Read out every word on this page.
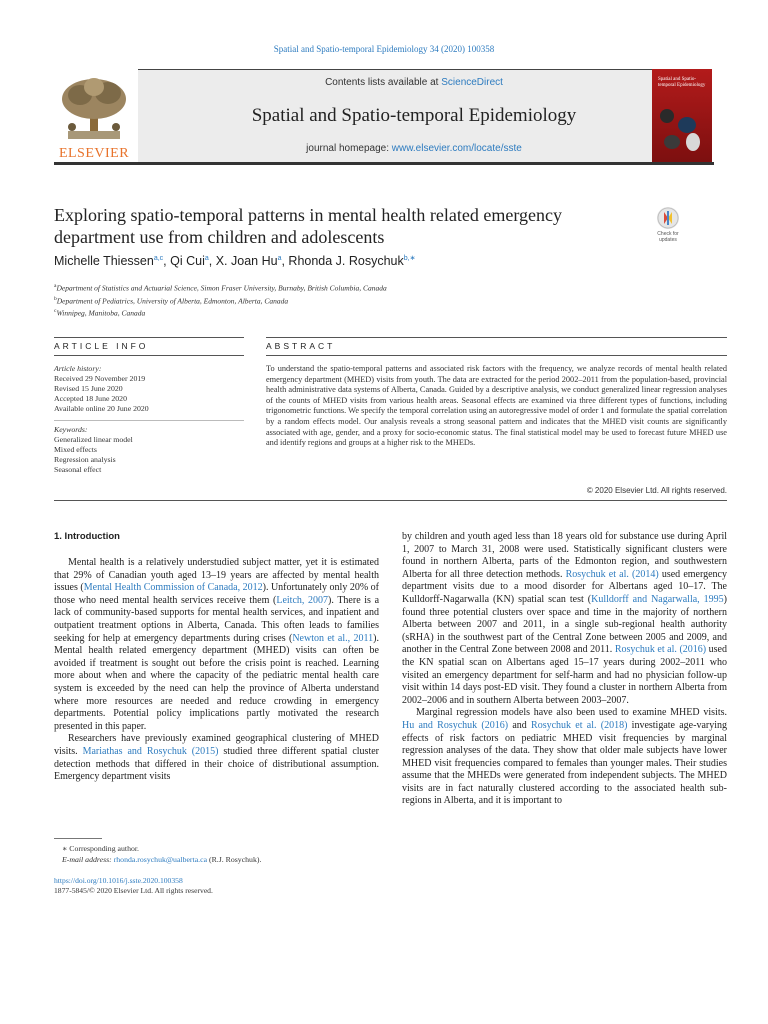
Spatial and Spatio-temporal Epidemiology 34 (2020) 100358
ELSEVIER
Contents lists available at ScienceDirect
Spatial and Spatio-temporal Epidemiology
journal homepage: www.elsevier.com/locate/sste
Spatial and Spatio-temporal Epidemiology
Exploring spatio-temporal patterns in mental health related emergency department use from children and adolescents	Check for updates
Michelle Thiessen$^{a,c}$, Qi Cui$^a$, X. Joan Hu$^a$, Rhonda J. Rosychuk$^{b,∗}$
$^a$Department of Statistics and Actuarial Science, Simon Fraser University, Burnaby, British Columbia, Canada
$^b$Department of Pediatrics, University of Alberta, Edmonton, Alberta, Canada
$^c$Winnipeg, Manitoba, Canada
ARTICLE INFO
Article history:
Received 29 November 2019
Revised 15 June 2020
Accepted 18 June 2020
Available online 20 June 2020
Keywords:
Generalized linear model
Mixed effects
Regression analysis
Seasonal effect
ABSTRACT
To understand the spatio-temporal patterns and associated risk factors with the frequency, we analyze records of mental health related emergency department (MHED) visits from youth. The data are extracted for the period 2002–2011 from the population-based, provincial health administrative data systems of Alberta, Canada. Guided by a descriptive analysis, we conduct generalized linear regression analyses of the counts of MHED visits from various health areas. Seasonal effects are examined via three different types of functions, including trigonometric functions. We specify the temporal correlation using an autoregressive model of order 1 and formulate the spatial correlation by a random effects model. Our analysis reveals a strong seasonal pattern and indicates that the MHED visit counts are significantly associated with age, gender, and a proxy for socio-economic status. The final statistical model may be used to forecast future MHED use and identify regions and groups at a higher risk to the MHEDs.
© 2020 Elsevier Ltd. All rights reserved.
1. Introduction

Mental health is a relatively understudied subject matter, yet it is estimated that 29% of Canadian youth aged 13–19 years are affected by mental health issues (Mental Health Commission of Canada, 2012). Unfortunately only 20% of those who need mental health services receive them (Leitch, 2007). There is a lack of community-based supports for mental health services, and inpatient and outpatient treatment options in Alberta, Canada. This often leads to families seeking for help at emergency departments during crises (Newton et al., 2011). Mental health related emergency department (MHED) visits can often be avoided if treatment is sought out before the crisis point is reached. Learning more about when and where the capacity of the pediatric mental health care system is exceeded by the need can help the province of Alberta understand where more resources are needed and reduce crowding in emergency departments. Potential policy implications partly motivated the research presented in this paper.

Researchers have previously examined geographical clustering of MHED visits. Mariathas and Rosychuk (2015) studied three different spatial cluster detection methods that differed in their choice of distributional assumption. Emergency department visits

by children and youth aged less than 18 years old for substance use during April 1, 2007 to March 31, 2008 were used. Statistically significant clusters were found in northern Alberta, parts of the Edmonton region, and southwestern Alberta for all three detection methods. Rosychuk et al. (2014) used emergency department visits due to a mood disorder for Albertans aged 10–17. The Kulldorff-Nagarwalla (KN) spatial scan test (Kulldorff and Nagarwalla, 1995) found three potential clusters over space and time in the majority of northern Alberta between 2007 and 2011, in a single sub-regional health authority (sRHA) in the southwest part of the Central Zone between 2005 and 2009, and another in the Central Zone between 2008 and 2011. Rosychuk et al. (2016) used the KN spatial scan on Albertans aged 15–17 years during 2002–2011 who visited an emergency department for self-harm and had no physician follow-up visit within 14 days post-ED visit. They found a cluster in northern Alberta from 2002–2006 and in southern Alberta between 2003–2007.

Marginal regression models have also been used to examine MHED visits. Hu and Rosychuk (2016) and Rosychuk et al. (2018) investigate age-varying effects of risk factors on pediatric MHED visit frequencies by marginal regression analyses of the data. They show that older male subjects have lower MHED visit frequencies compared to females than younger males. Their studies assume that the MHEDs were generated from independent subjects. The MHED visits are in fact naturally clustered according to the associated health sub-regions in Alberta, and it is important to

∗ Corresponding author.
E-mail address: rhonda.rosychuk@ualberta.ca (R.J. Rosychuk).
https://doi.org/10.1016/j.sste.2020.100358
1877-5845/© 2020 Elsevier Ltd. All rights reserved.
